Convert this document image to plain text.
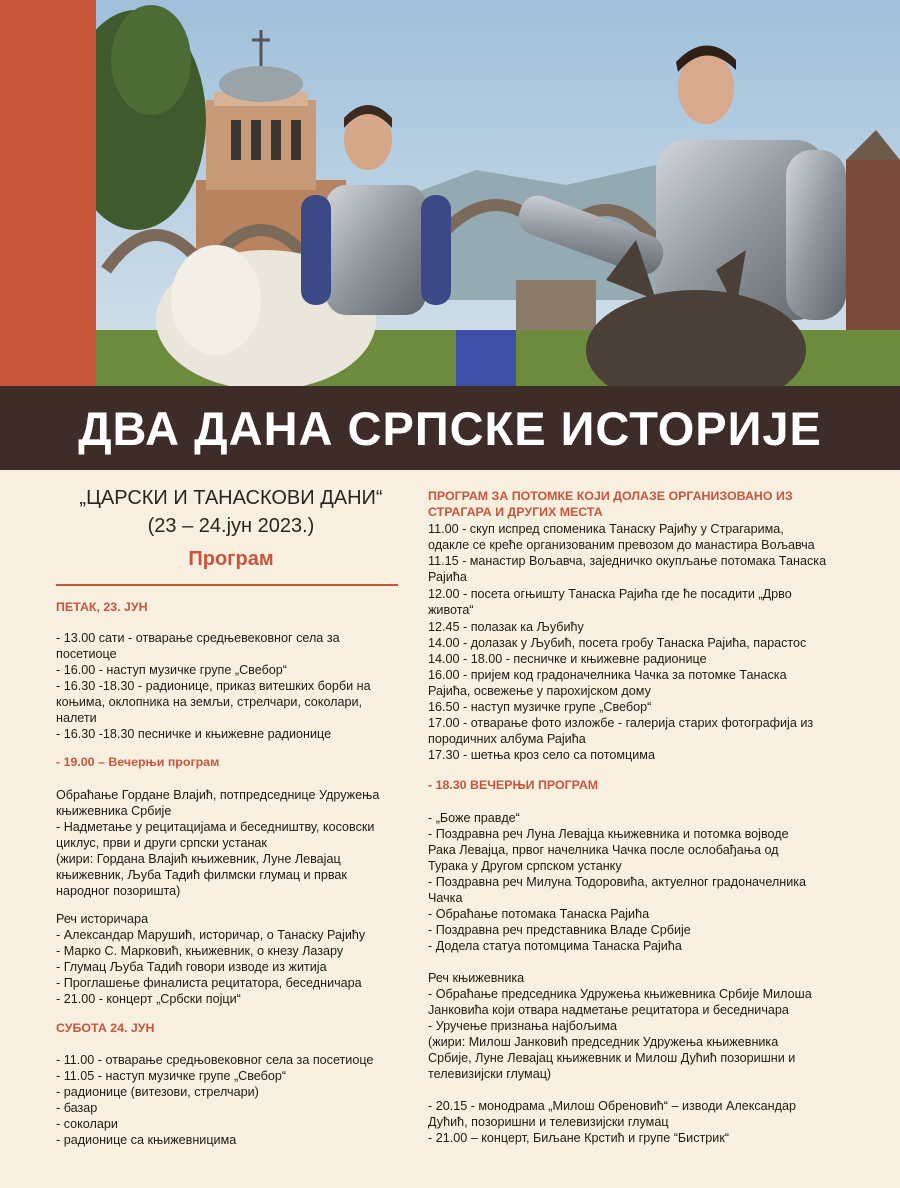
ДВА ДАНА СРПСКЕ ИСТОРИЈЕ
„ЦАРСКИ И ТАНАСКОВИ ДАНИ“
(23 – 24.јун 2023.)
Програм
ПЕТАК, 23. ЈУН
- 13.00 сати - отварање средњевековног села за
посетиоце
- 16.00 - наступ музичке групе „Свебор“
- 16.30 -18.30 - радионице, приказ витешких борби на
коњима, оклопника на земљи, стрелчари, соколари,
налети
- 16.30 -18.30 песничке и књижевне радионице
- 19.00 – Вечерњи програм
Обраћање Гордане Влајић, потпредседнице Удружења
књижевника Србије
- Надметање у рецитацијама и беседништву, косовски
циклус, први и други српски устанак
(жири: Гордана Влајић књижевник, Луне Левајац
књижевник, Љуба Тадић филмски глумац и првак
народног позоришта)
Реч историчара
- Александар Марушић, историчар, о Танаску Рајићу
- Марко С. Марковић, књижевник, о кнезу Лазару
- Глумац Љуба Тадић говори изводе из житија
- Проглашење финалиста рецитатора, беседничара
- 21.00 - концерт „Србски појци“
СУБОТА 24. ЈУН
- 11.00 - отварање средњовековног села за посетиоце
- 11.05 - наступ музичке групе „Свебор“
- радионице (витезови, стрелчари)
- базар
- соколари
- радионице са књижевницима
ПРОГРАМ ЗА ПОТОМКЕ КОЈИ ДОЛАЗЕ ОРГАНИЗОВАНО ИЗ
СТРАГАРА И ДРУГИХ МЕСТА
11.00 - скуп испред споменика Танаску Рајићу у Страгарима,
одакле се креће организованим превозом до манастира Вољавча
11.15 - манастир Вољавча, заједничко окупљање потомака Танаска
Рајића
12.00 - посета огњишту Танаска Рајића где ће посадити „Дрво
живота“
12.45 - полазак ка Љубићу
14.00 - долазак у Љубић, посета гробу Танаска Рајића, парастос
14.00 - 18.00 - песничке и књижевне радионице
16.00 - пријем код градоначелника Чачка за потомке Танаска
Рајића, освежење у парохијском дому
16.50 - наступ музичке групе „Свебор“
17.00 - отварање фото изложбе - галерија старих фотографија из
породичних албума Рајића
17.30 - шетња кроз село са потомцима
- 18.30 ВЕЧЕРЊИ ПРОГРАМ
- „Боже правде“
- Поздравна реч Луна Левајца књижевника и потомка војводе
Рака Левајца, првог начелника Чачка после ослобађања од
Турака у Другом српском устанку
- Поздравна реч Милуна Тодоровића, актуелног градоначелника
Чачка
- Обраћање потомака Танаска Рајића
- Поздравна реч представника Владе Србије
- Додела статуа потомцима Танаска Рајића
Реч књижевника
- Обраћање председника Удружења књижевника Србије Милоша
Јанковића који отвара надметање рецитатора и беседничара
- Уручење признања најбољима
(жири: Милош Јанковић председник Удружења књижевника
Србије, Луне Левајац књижевник и Милош Дућић позоришни и
телевизијски глумац)
- 20.15 - монодрама „Милош Обреновић“ – изводи Александар
Дућић, позоришни и телевизијски глумац
- 21.00 – концерт, Биљане Крстић и групе “Бистрик“
